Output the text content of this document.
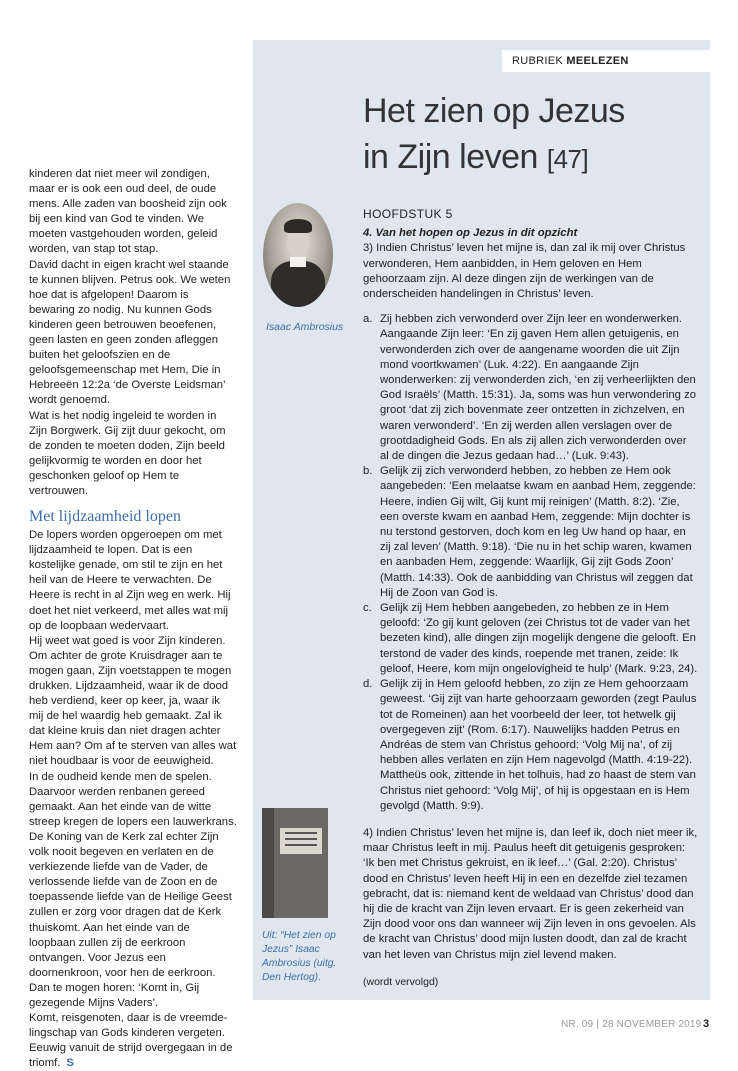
RUBRIEK MEELEZEN
Het zien op Jezus
in Zijn leven [47]

kinderen dat niet meer wil zondigen, maar er is ook een oud deel, de oude mens. Alle zaden van boosheid zijn ook bij een kind van God te vinden. We moeten vastgehouden worden, geleid worden, van stap tot stap.

David dacht in eigen kracht wel staande te kunnen blijven. Petrus ook. We weten hoe dat is afgelopen! Daarom is bewaring zo nodig. Nu kunnen Gods kinderen geen betrouwen beoefenen, geen lasten en geen zonden afleggen buiten het geloofszien en de geloofsgemeenschap met Hem, Die in Hebreeën 12:2a ‘de Overste Leidsman’ wordt genoemd.

Wat is het nodig ingeleid te worden in Zijn Borgwerk. Gij zijt duur gekocht, om de zonden te moeten doden, Zijn beeld gelijkvormig te worden en door het geschonken geloof op Hem te vertrouwen.

Met lijdzaamheid lopen

De lopers worden opgeroepen om met lijdzaamheid te lopen. Dat is een kostelijke genade, om stil te zijn en het heil van de Heere te verwachten. De Heere is recht in al Zijn weg en werk. Hij doet het niet verkeerd, met alles wat mij op de loopbaan wedervaart.

Hij weet wat goed is voor Zijn kinderen. Om achter de grote Kruisdrager aan te mogen gaan, Zijn voetstappen te mogen drukken. Lijdzaamheid, waar ik de dood heb verdiend, keer op keer, ja, waar ik mij de hel waardig heb gemaakt. Zal ik dat kleine kruis dan niet dragen achter Hem aan? Om af te sterven van alles wat niet houdbaar is voor de eeuwigheid.

In de oudheid kende men de spelen. Daarvoor werden renbanen gereed gemaakt. Aan het einde van de witte streep kregen de lopers een lauwerkrans. De Koning van de Kerk zal echter Zijn volk nooit begeven en verlaten en de verkiezende liefde van de Vader, de verlossende liefde van de Zoon en de toepassende liefde van de Heilige Geest zullen er zorg voor dragen dat de Kerk thuiskomt. Aan het einde van de loopbaan zullen zij de eerkroon ontvangen. Voor Jezus een doornenkroon, voor hen de eerkroon. Dan te mogen horen: ‘Komt in, Gij gezegende Mijns Vaders’.

Komt, reisgenoten, daar is de vreemdelingschap van Gods kinderen vergeten. Eeuwig vanuit de strijd overgegaan in de triomf. S

Isaac Ambrosius
Uit: “Het zien op Jezus” Isaac Ambrosius (uitg. Den Hertog).

HOOFDSTUK 5

4. Van het hopen op Jezus in dit opzicht

3) Indien Christus’ leven het mijne is, dan zal ik mij over Christus verwonderen, Hem aanbidden, in Hem geloven en Hem gehoorzaam zijn. Al deze dingen zijn de werkingen van de onderscheiden handelingen in Christus’ leven.

a. Zij hebben zich verwonderd over Zijn leer en wonderwerken. Aangaande Zijn leer: ‘En zij gaven Hem allen getuigenis, en verwonderden zich over de aangename woorden die uit Zijn mond voortkwamen’ (Luk. 4:22). En aangaande Zijn wonderwerken: zij verwonderden zich, ‘en zij verheerlijkten den God Israëls’ (Matth. 15:31). Ja, soms was hun verwondering zo groot ‘dat zij zich bovenmate zeer ontzetten in zichzelven, en waren verwonderd’. ‘En zij werden allen verslagen over de grootdadigheid Gods. En als zij allen zich verwonderden over al de dingen die Jezus gedaan had…’ (Luk. 9:43).
b. Gelijk zij zich verwonderd hebben, zo hebben ze Hem ook aangebeden: ‘Een melaatse kwam en aanbad Hem, zeggende: Heere, indien Gij wilt, Gij kunt mij reinigen’ (Matth. 8:2). ‘Zie, een overste kwam en aanbad Hem, zeggende: Mijn dochter is nu terstond gestorven, doch kom en leg Uw hand op haar, en zij zal leven’ (Matth. 9:18). ‘Die nu in het schip waren, kwamen en aanbaden Hem, zeggende: Waarlijk, Gij zijt Gods Zoon’ (Matth. 14:33). Ook de aanbidding van Christus wil zeggen dat Hij de Zoon van God is.
c. Gelijk zij Hem hebben aangebeden, zo hebben ze in Hem geloofd: ‘Zo gij kunt geloven (zei Christus tot de vader van het bezeten kind), alle dingen zijn mogelijk dengene die gelooft. En terstond de vader des kinds, roepende met tranen, zeide: Ik geloof, Heere, kom mijn ongelovigheid te hulp’ (Mark. 9:23, 24).
d. Gelijk zij in Hem geloofd hebben, zo zijn ze Hem gehoorzaam geweest. ‘Gij zijt van harte gehoorzaam geworden (zegt Paulus tot de Romeinen) aan het voorbeeld der leer, tot hetwelk gij overgegeven zijt’ (Rom. 6:17). Nauwelijks hadden Petrus en Andréas de stem van Christus gehoord: ‘Volg Mij na’, of zij hebben alles verlaten en zijn Hem nagevolgd (Matth. 4:19-22). Mattheüs ook, zittende in het tolhuis, had zo haast de stem van Christus niet gehoord: ‘Volg Mij’, of hij is opgestaan en is Hem gevolgd (Matth. 9:9).

4) Indien Christus’ leven het mijne is, dan leef ik, doch niet meer ik, maar Christus leeft in mij. Paulus heeft dit getuigenis gesproken: ‘Ik ben met Christus gekruist, en ik leef…’ (Gal. 2:20). Christus’ dood en Christus’ leven heeft Hij in een en dezelfde ziel tezamen gebracht, dat is: niemand kent de weldaad van Christus’ dood dan hij die de kracht van Zijn leven ervaart. Er is geen zekerheid van Zijn dood voor ons dan wanneer wij Zijn leven in ons gevoelen. Als de kracht van Christus’ dood mijn lusten doodt, dan zal de kracht van het leven van Christus mijn ziel levend maken.

(wordt vervolgd)

NR. 09 | 28 NOVEMBER 2019 3
